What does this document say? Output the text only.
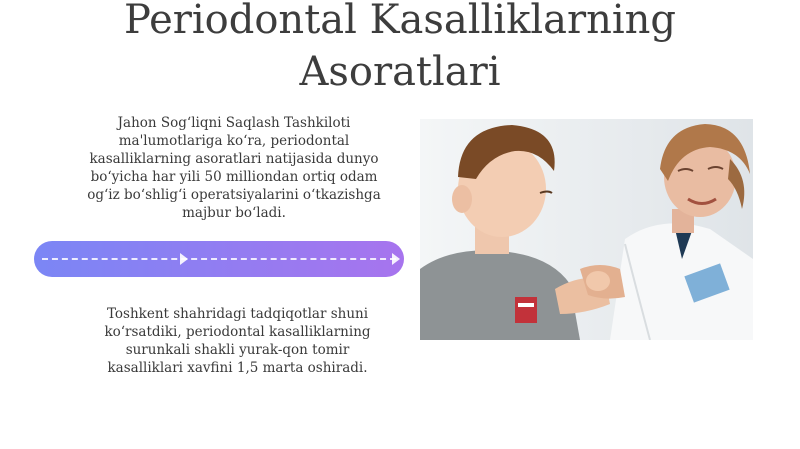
Periodontal Kasalliklarning
Asoratlari
Jahon Sog‘liqni Saqlash Tashkiloti
ma'lumotlariga ko‘ra, periodontal
kasalliklarning asoratlari natijasida dunyo
bo‘yicha har yili 50 milliondan ortiq odam
og‘iz bo‘shlig‘i operatsiyalarini o‘tkazishga
majbur bo‘ladi.
Toshkent shahridagi tadqiqotlar shuni
ko‘rsatdiki, periodontal kasalliklarning
surunkali shakli yurak-qon tomir
kasalliklari xavfini 1,5 marta oshiradi.
